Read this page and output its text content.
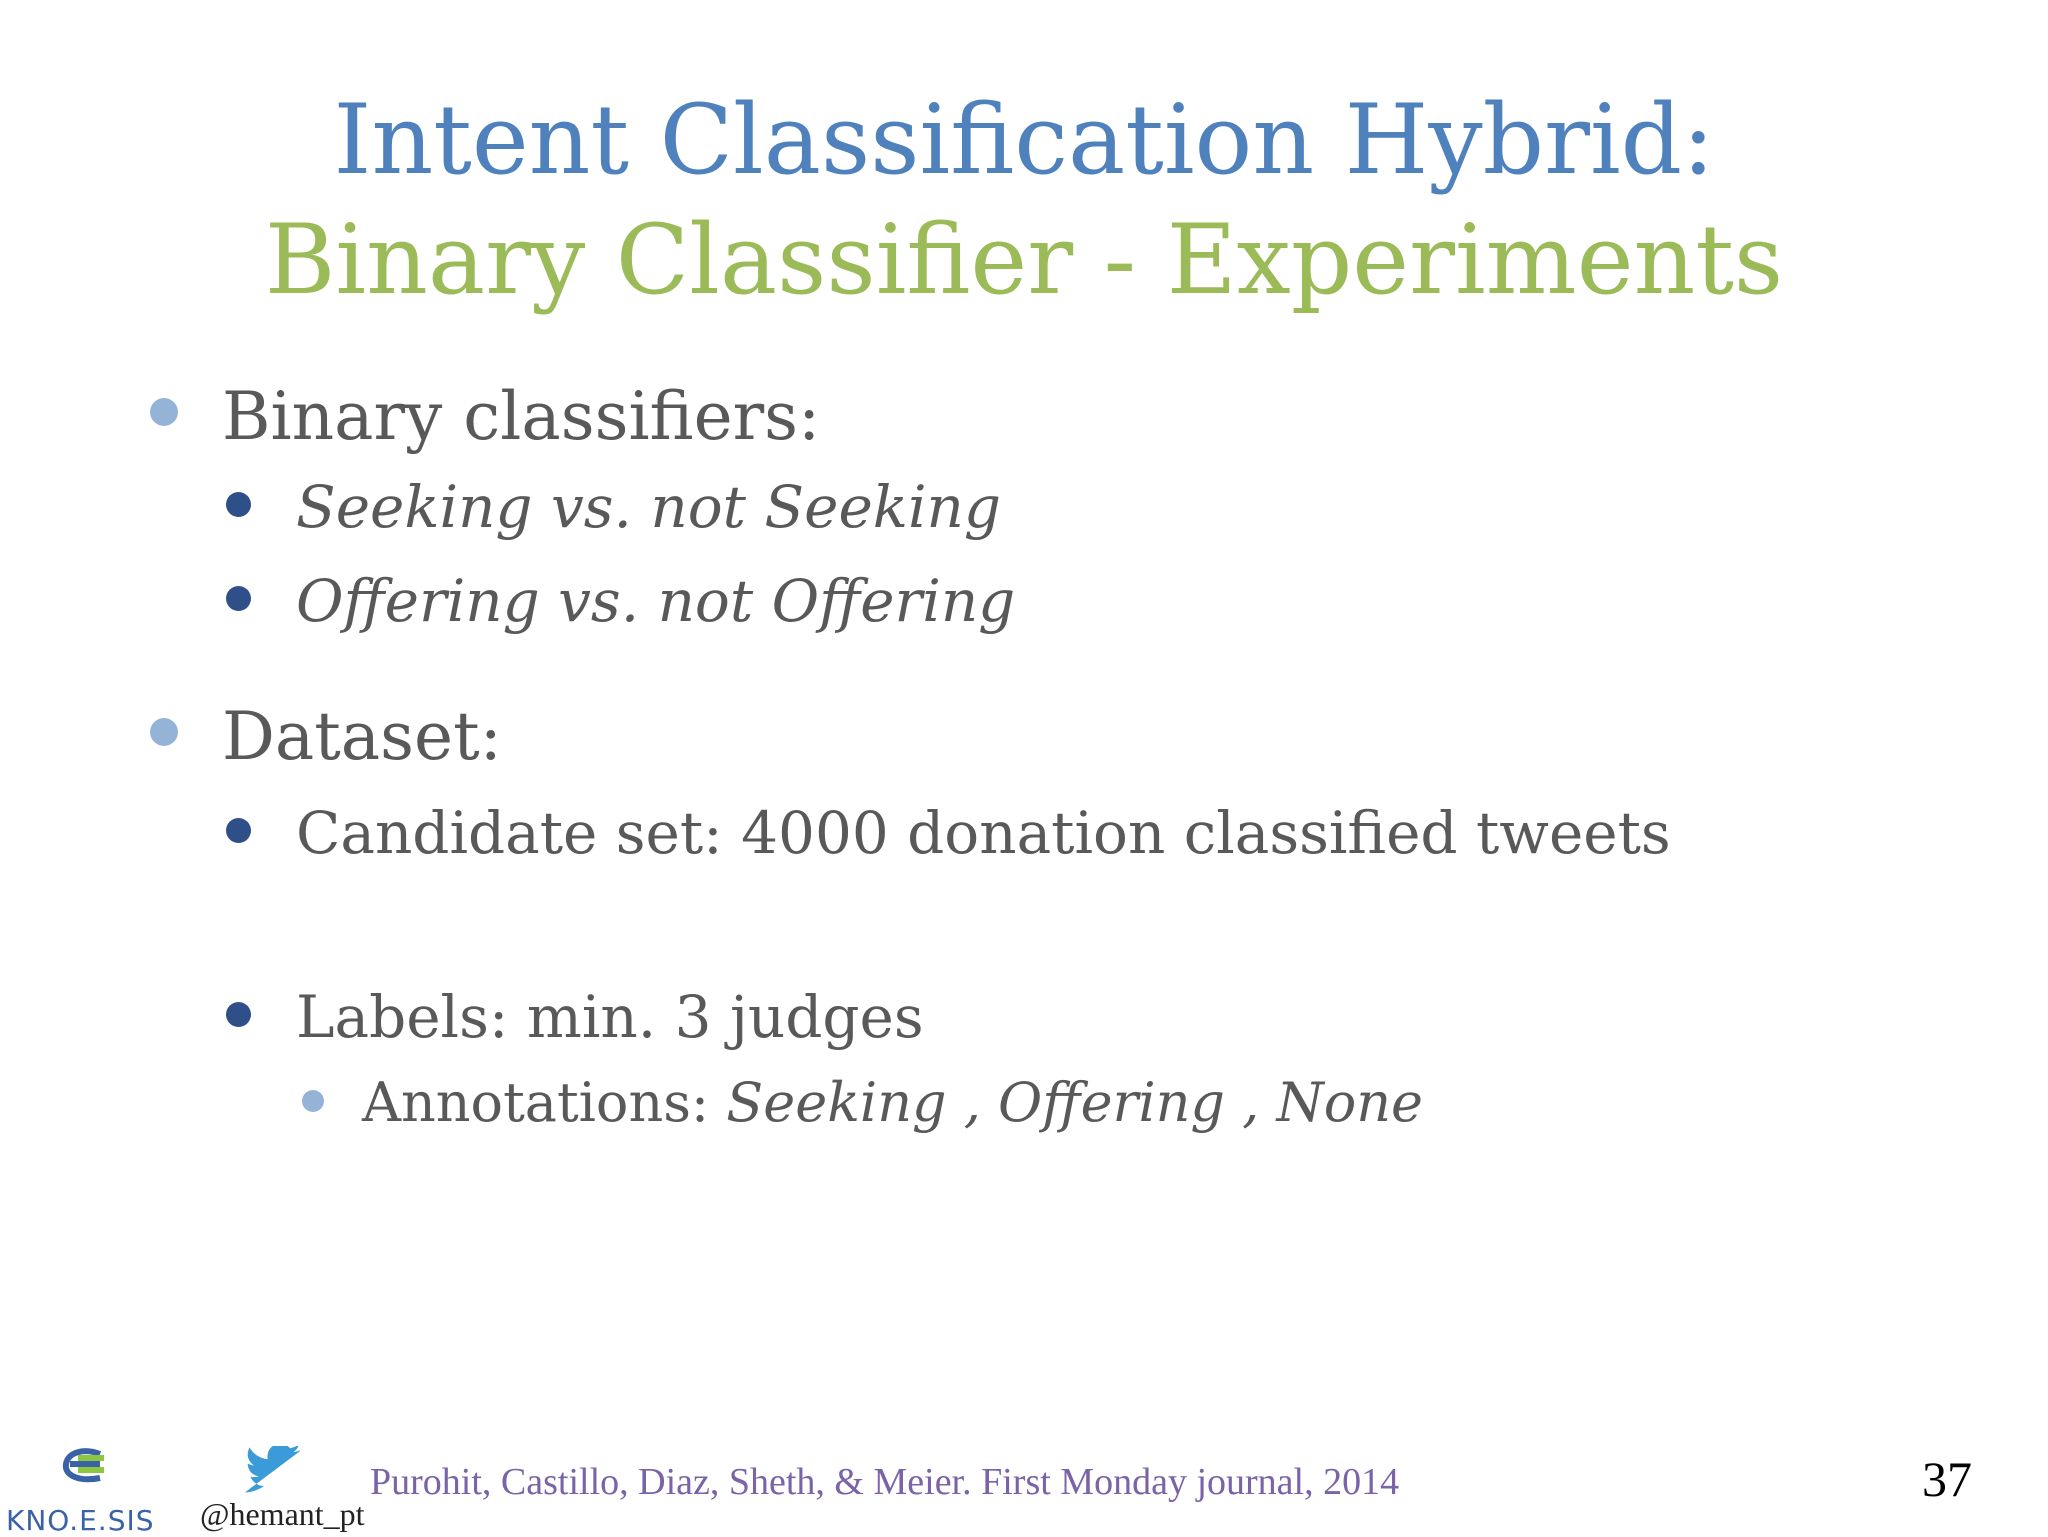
Intent Classification Hybrid:
Binary Classifier - Experiments
Binary classifiers:
Seeking vs. not Seeking
Offering vs. not Offering
Dataset:
Candidate set: 4000 donation classified tweets
Labels: min. 3 judges
Annotations: Seeking , Offering , None
KNO.E.SIS @hemant_pt
Purohit, Castillo, Diaz, Sheth, & Meier. First Monday journal, 2014	37
